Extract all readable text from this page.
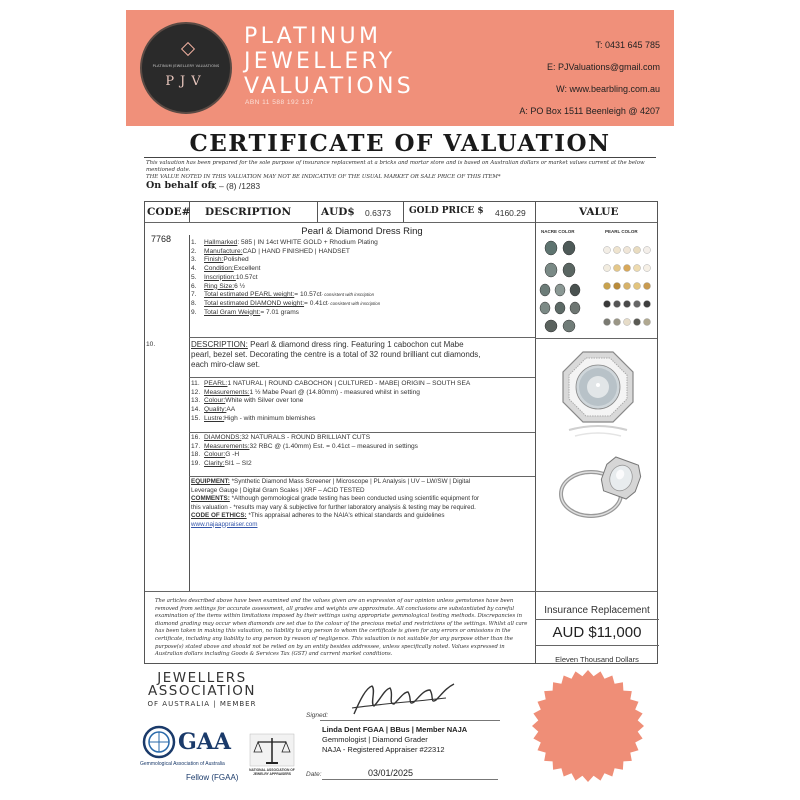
PLATINUM JEWELLERY VALUATIONS
PJV
PLATINUM
JEWELLERY
VALUATIONS
ABN 11 588 192 137
T: 0431 645 785
E: PJValuations@gmail.com
W: www.bearbling.com.au
A: PO Box 1511 Beenleigh @ 4207
CERTIFICATE OF VALUATION
This valuation has been prepared for the sole purpose of insurance replacement at a bricks and mortar store and is based on Australian dollars or market values current at the below mentioned date.
THE VALUE NOTED IN THIS VALUATION MAY NOT BE INDICATIVE OF THE USUAL MARKET OR SALE PRICE OF THIS ITEM*
On behalf of:
K – (8) /1283
CODE# DESCRIPTION	AUD$ 0.6373 GOLD PRICE $ 4160.29	VALUE
7768
Pearl & Diamond Dress Ring
1.	Hallmarked : 585 | IN 14ct WHITE GOLD + Rhodium Plating
2.	Manufacture: CAD | HAND FINISHED | HANDSET
3.	Finish: Polished
4.	Condition: Excellent
5.	Inscription: 10.57ct
6.	Ring Size: 6 ½
7.	Total estimated PEARL weight: = 10.57ct - consistent with inscription
8.	Total estimated DIAMOND weight: = 0.41ct - consistent with inscription
9.	Total Gram Weight: = 7.01 grams
10.	DESCRIPTION: Pearl & diamond dress ring. Featuring 1 cabochon cut Mabe pearl, bezel set. Decorating the centre is a total of 32 round brilliant cut diamonds, each miro-claw set.
11. PEARL: 1 NATURAL | ROUND CABOCHON | CULTURED - MABE| ORIGIN – SOUTH SEA
12. Measurements: 1 ½ Mabe Pearl @ (14.80mm) - measured whilst in setting
13. Colour: White with Silver over tone
14. Quality: AA
15. Lustre: High - with minimum blemishes
16. DIAMONDS: 32 NATURALS - ROUND BRILLIANT CUTS
17. Measurements: 32 RBC @ (1.40mm) Est. = 0.41ct – measured in settings
18. Colour: G -H
19. Clarity: SI1 – SI2
EQUIPMENT: *Synthetic Diamond Mass Screener | Microscope | PL Analysis | UV – LW/SW | Digital Leverage Gauge | Digital Gram Scales | XRF – ACID TESTED
COMMENTS: *Although gemmological grade testing has been conducted using scientific equipment for this valuation - *results may vary & subjective for further laboratory analysis & testing may be required.
CODE OF ETHICS: *This appraisal adheres to the NAIA's ethical standards and guidelines
www.najaappraiser.com
NACRE COLOR	PEARL COLOR
The articles described above have been examined and the values given are an expression of our opinion unless gemstones have been removed from settings for accurate assessment, all grades and weights are approximate. All conclusions are substantiated by careful examination of the items within limitations imposed by their settings using appropriate gemmological testing methods. Discrepancies in diamond grading may occur when diamonds are set due to the colour of the precious metal and restrictions of the settings. Whilst all care has been taken in making this valuation, no liability to any person to whom the certificate is given for any errors or omissions in the certificate, including any liability to any person by reason of negligence. This valuation is not suitable for any purpose other than the purpose(s) stated above and should not be relied on by an entity besides addressee, unless specifically noted. Values expressed in Australian dollars including Goods & Services Tax (GST) and current market conditions.
Insurance Replacement
AUD $11,000
Eleven Thousand Dollars
JEWELLERS
ASSOCIATION
OF AUSTRALIA | MEMBER
GAA
Gemmological Association of Australia
Fellow (FGAA)
NATIONAL ASSOCIATION OF JEWELRY APPRAISERS
Signed:
Linda Dent FGAA | BBus | Member NAJA
Gemmologist | Diamond Grader
NAJA - Registered Appraiser #22312
Date:	03/01/2025
